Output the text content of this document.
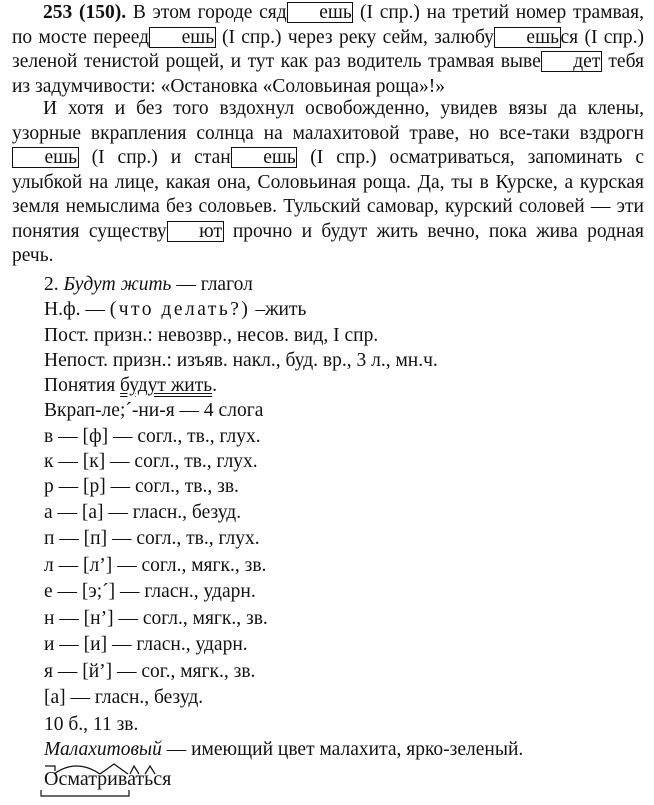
253 (150). В этом городе сяд ешь (I спр.) на третий номер трамвая, по мосте переед ешь (I спр.) через реку сейм, залюбу ешься (I спр.) зеленой тенистой рощей, и тут как раз водитель трамвая выве дет тебя из задумчивости: «Остановка «Соловьиная роща»!»
И хотя и без того вздохнул освобожденно, увидев вязы да клены, узорные вкрапления солнца на малахитовой траве, но все-таки вздрогнешь (I спр.) и стан ешь (I спр.) осматриваться, запоминать с улыбкой на лице, какая она, Соловьиная роща. Да, ты в Курске, а курская земля немыслима без соловьев. Тульский самовар, курский соловей — эти понятия существу ют прочно и будут жить вечно, пока жива родная речь.
2. Будут жить — глагол
Н.ф. — (что делать?) –жить
Пост. призн.: невозвр., несов. вид, I спр.
Непост. призн.: изъяв. накл., буд. вр., 3 л., мн.ч.
Понятия будут жить.
Вкрап-ле;´-ни-я — 4 слога
в — [ф] — согл., тв., глух.
к — [к] — согл., тв., глух.
р — [р] — согл., тв., зв.
а — [а] — гласн., безуд.
п — [п] — согл., тв., глух.
л — [л’] — согл., мягк., зв.
е — [э;´] — гласн., ударн.
н — [н’] — согл., мягк., зв.
и — [и] — гласн., ударн.
я — [й’] — сог., мягк., зв.
[а] — гласн., безуд.
10 б., 11 зв.
Малахитовый — имеющий цвет малахита, ярко-зеленый.
Осматриваться
